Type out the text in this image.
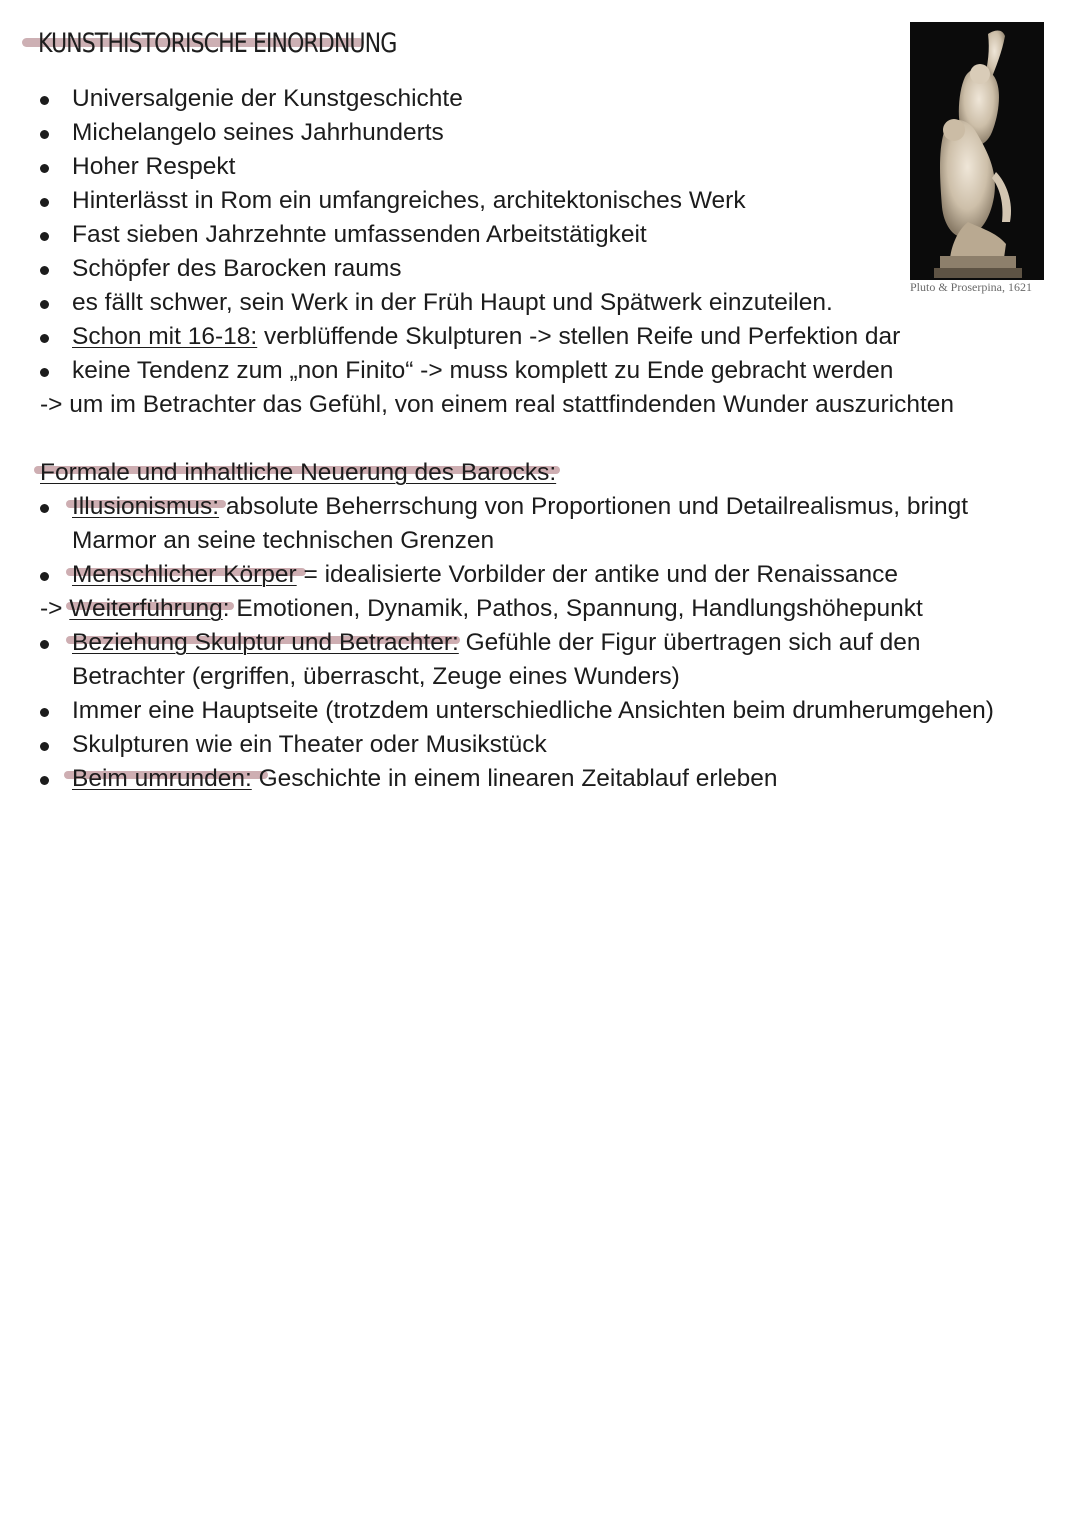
KUNSTHISTORISCHE EINORDNUNG
Pluto & Proserpina, 1621
Universalgenie der Kunstgeschichte
Michelangelo seines Jahrhunderts
Hoher Respekt
Hinterlässt in Rom ein umfangreiches, architektonisches Werk
Fast sieben Jahrzehnte umfassenden Arbeitstätigkeit
Schöpfer des Barocken raums
es fällt schwer, sein Werk in der Früh Haupt und Spätwerk einzuteilen.
Schon mit 16-18: verblüffende Skulpturen -> stellen Reife und Perfektion dar
keine Tendenz zum „non Finito“ -> muss komplett zu Ende gebracht werden
-> um im Betrachter das Gefühl, von einem real stattfindenden Wunder auszurichten
Formale und inhaltliche Neuerung des Barocks:
Illusionismus: absolute Beherrschung von Proportionen und Detailrealismus, bringt
Marmor an seine technischen Grenzen
Menschlicher Körper = idealisierte Vorbilder der antike und der Renaissance
-> Weiterführung: Emotionen, Dynamik, Pathos, Spannung, Handlungshöhepunkt
Beziehung Skulptur und Betrachter: Gefühle der Figur übertragen sich auf den
Betrachter (ergriffen, überrascht, Zeuge eines Wunders)
Immer eine Hauptseite (trotzdem unterschiedliche Ansichten beim drumherumgehen)
Skulpturen wie ein Theater oder Musikstück
Beim umrunden: Geschichte in einem linearen Zeitablauf erleben
